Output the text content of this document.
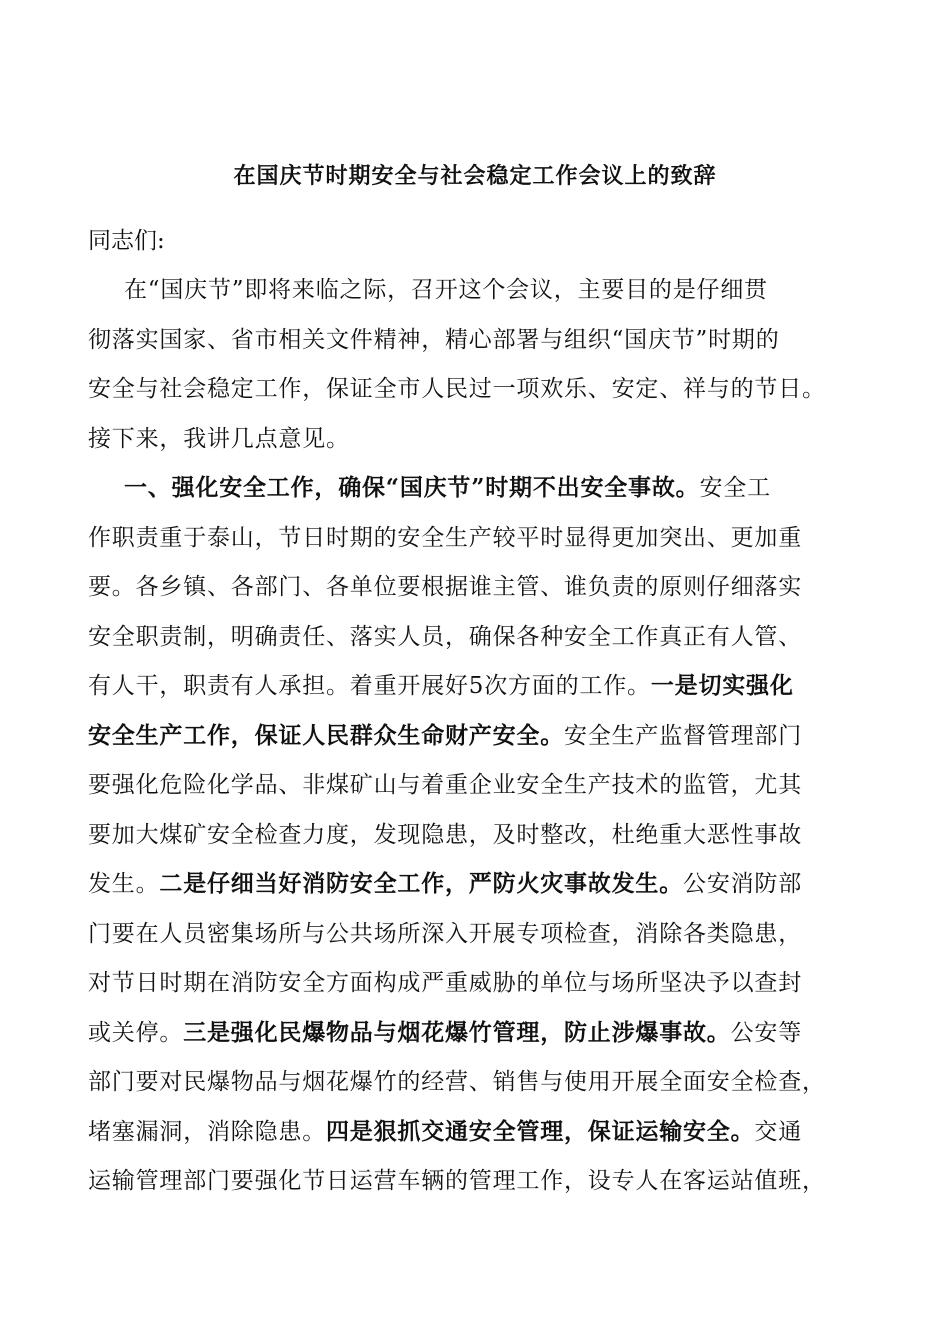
在国庆节时期安全与社会稳定工作会议上的致辞
同志们:
在“国庆节”即将来临之际，召开这个会议，主要目的是仔细贯
彻落实国家、省市相关文件精神，精心部署与组织“国庆节”时期的
安全与社会稳定工作，保证全市人民过一项欢乐、安定、祥与的节日。
接下来，我讲几点意见。
一、强化安全工作，确保“国庆节”时期不出安全事故。安全工
作职责重于泰山，节日时期的安全生产较平时显得更加突出、更加重
要。各乡镇、各部门、各单位要根据谁主管、谁负责的原则仔细落实
安全职责制，明确责任、落实人员，确保各种安全工作真正有人管、
有人干，职责有人承担。着重开展好5次方面的工作。一是切实强化
安全生产工作，保证人民群众生命财产安全。安全生产监督管理部门
要强化危险化学品、非煤矿山与着重企业安全生产技术的监管，尤其
要加大煤矿安全检查力度，发现隐患，及时整改，杜绝重大恶性事故
发生。二是仔细当好消防安全工作，严防火灾事故发生。公安消防部
门要在人员密集场所与公共场所深入开展专项检查，消除各类隐患，
对节日时期在消防安全方面构成严重威胁的单位与场所坚决予以查封
或关停。三是强化民爆物品与烟花爆竹管理，防止涉爆事故。公安等
部门要对民爆物品与烟花爆竹的经营、销售与使用开展全面安全检查，
堵塞漏洞，消除隐患。四是狠抓交通安全管理，保证运输安全。交通
运输管理部门要强化节日运营车辆的管理工作，设专人在客运站值班，
